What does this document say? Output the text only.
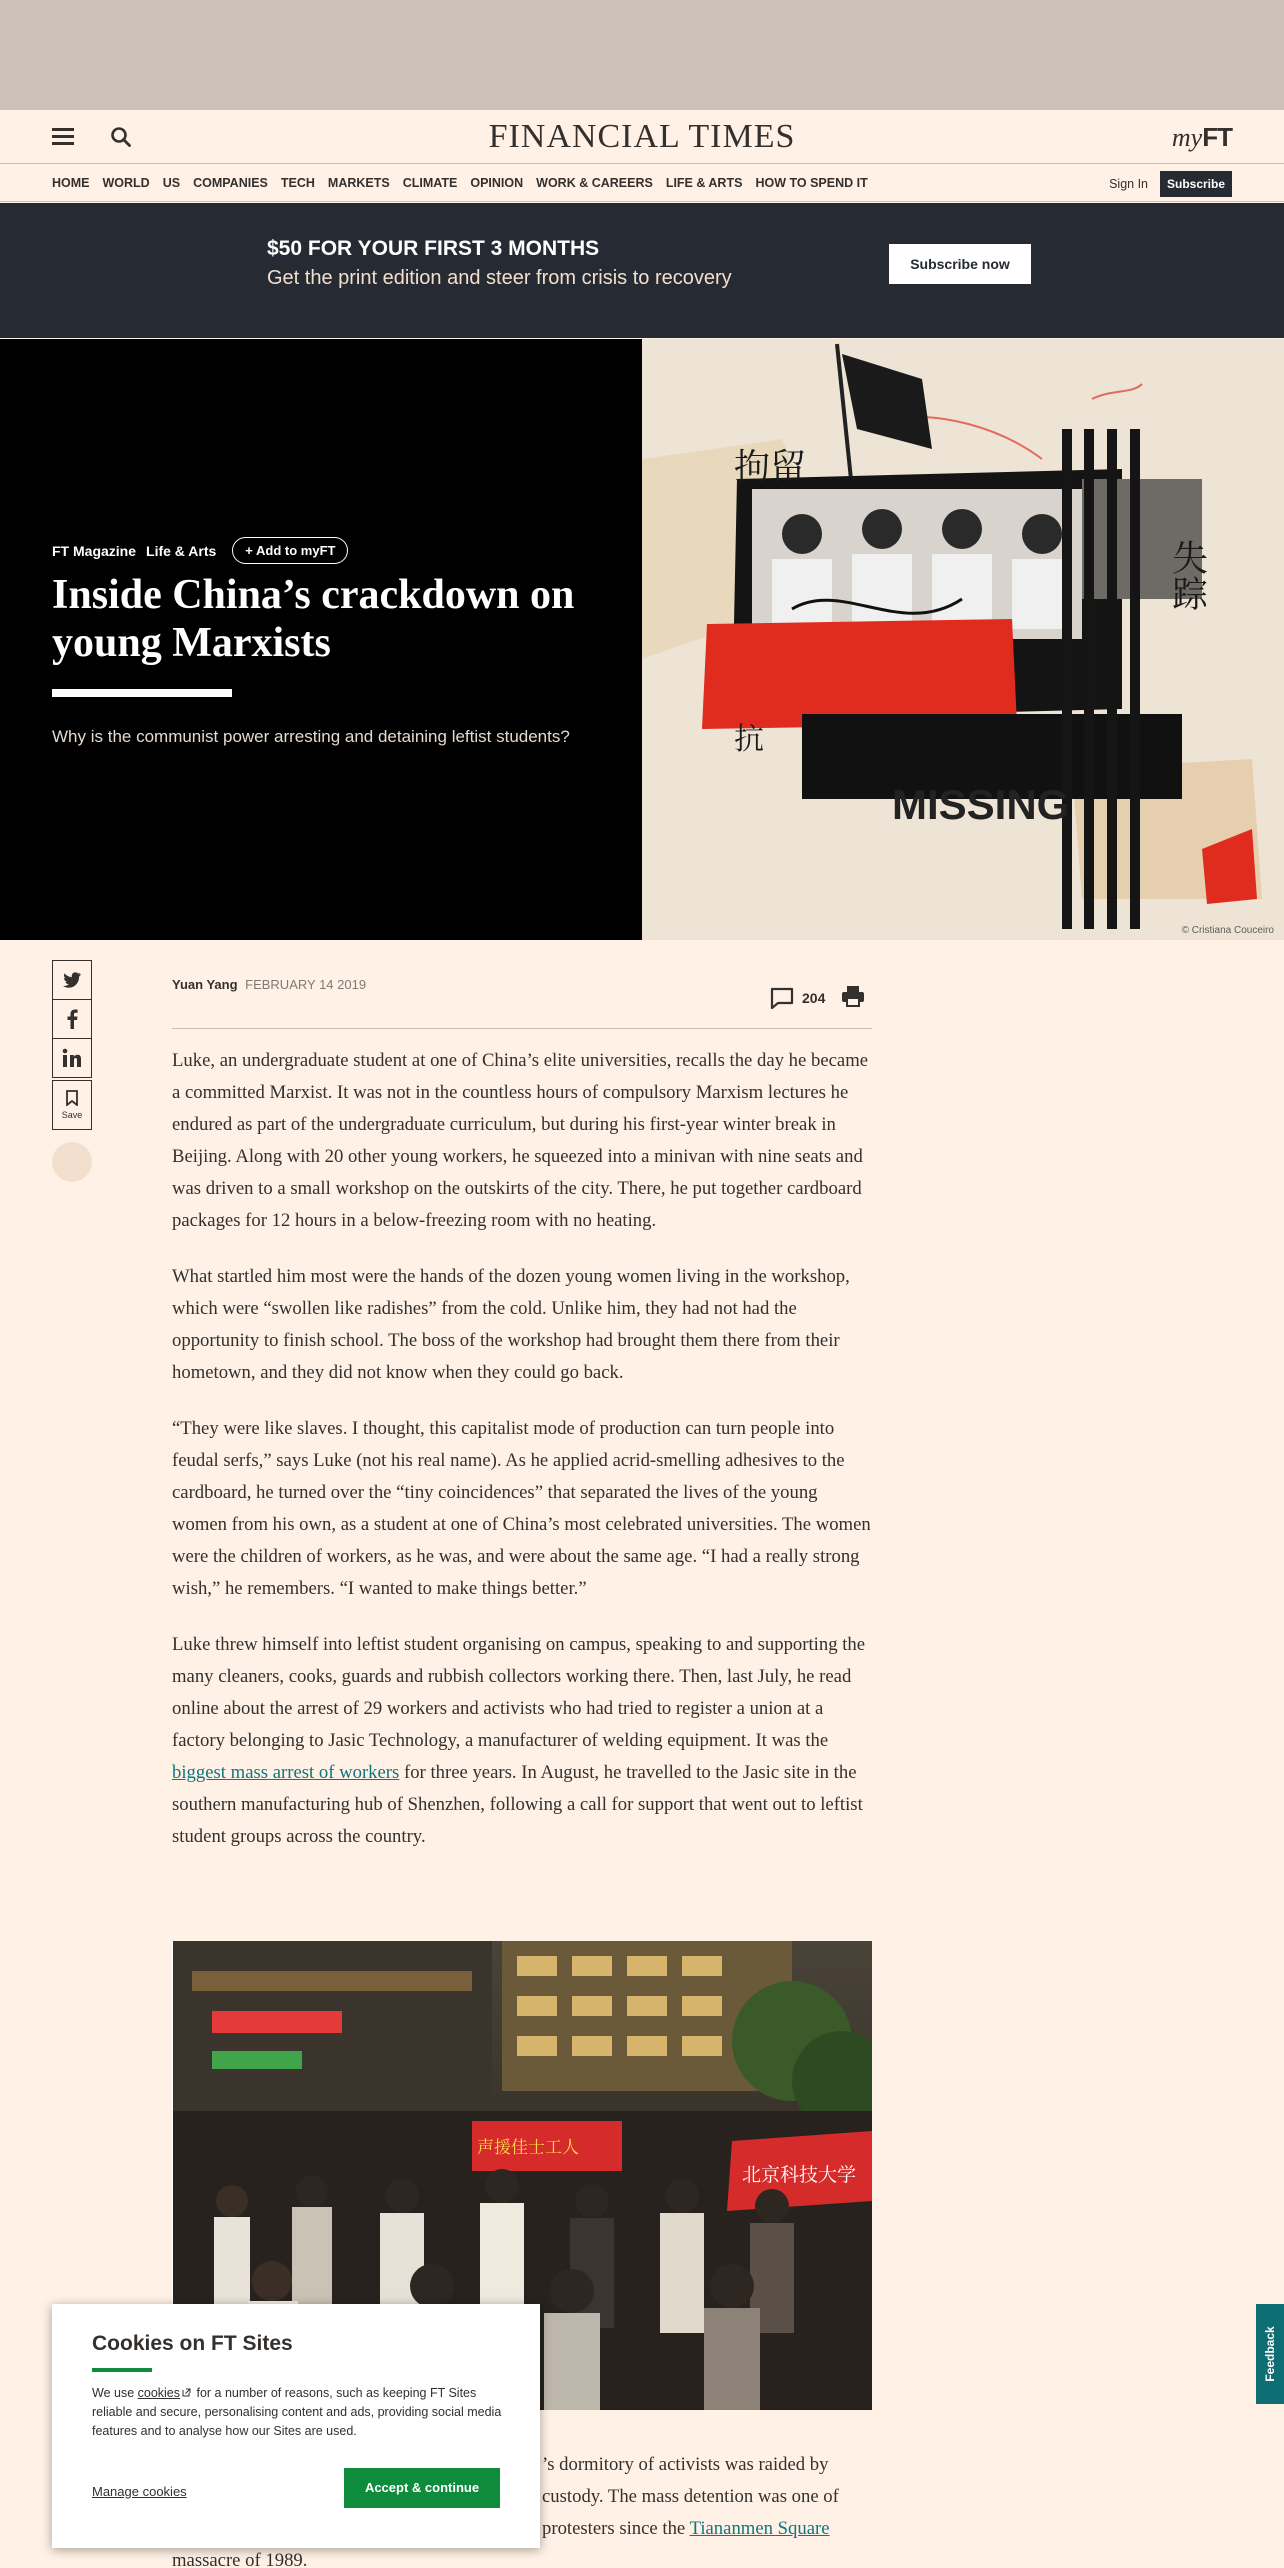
FINANCIAL TIMES	myFT
HOME WORLD US COMPANIES TECH MARKETS CLIMATE OPINION WORK & CAREERS LIFE & ARTS HOW TO SPEND IT	Sign In	Subscribe
$50 FOR YOUR FIRST 3 MONTHS
Get the print edition and steer from crisis to recovery
Subscribe now
FT Magazine Life & Arts	+ Add to myFT
Inside China’s crackdown on young Marxists

Why is the communist power arresting and detaining leftist students?

拘留
失踪
抗
MISSING
© Cristiana Couceiro
Save
Yuan Yang FEBRUARY 14 2019
204

Luke, an undergraduate student at one of China’s elite universities, recalls the day he became a committed Marxist. It was not in the countless hours of compulsory Marxism lectures he endured as part of the undergraduate curriculum, but during his first-year winter break in Beijing. Along with 20 other young workers, he squeezed into a minivan with nine seats and was driven to a small workshop on the outskirts of the city. There, he put together cardboard packages for 12 hours in a below-freezing room with no heating.

What startled him most were the hands of the dozen young women living in the workshop, which were “swollen like radishes” from the cold. Unlike him, they had not had the opportunity to finish school. The boss of the workshop had brought them there from their hometown, and they did not know when they could go back.

“They were like slaves. I thought, this capitalist mode of production can turn people into feudal serfs,” says Luke (not his real name). As he applied acrid-smelling adhesives to the cardboard, he turned over the “tiny coincidences” that separated the lives of the young women from his own, as a student at one of China’s most celebrated universities. The women were the children of workers, as he was, and were about the same age. “I had a really strong wish,” he remembers. “I wanted to make things better.”

Luke threw himself into leftist student organising on campus, speaking to and supporting the many cleaners, cooks, guards and rubbish collectors working there. Then, last July, he read online about the arrest of 29 workers and activists who had tried to register a union at a factory belonging to Jasic Technology, a manufacturer of welding equipment. It was the biggest mass arrest of workers for three years. In August, he travelled to the Jasic site in the southern manufacturing hub of Shenzhen, following a call for support that went out to leftist student groups across the country.

声援佳士工人
北京科技大学
’s dormitory of activists was raided by
custody. The mass detention was one of
protesters since the Tiananmen Square
massacre of 1989.
Cookies on FT Sites

We use cookies for a number of reasons, such as keeping FT Sites reliable and secure, personalising content and ads, providing social media features and to analyse how our Sites are used.

Manage cookies	Accept & continue
Feedback
